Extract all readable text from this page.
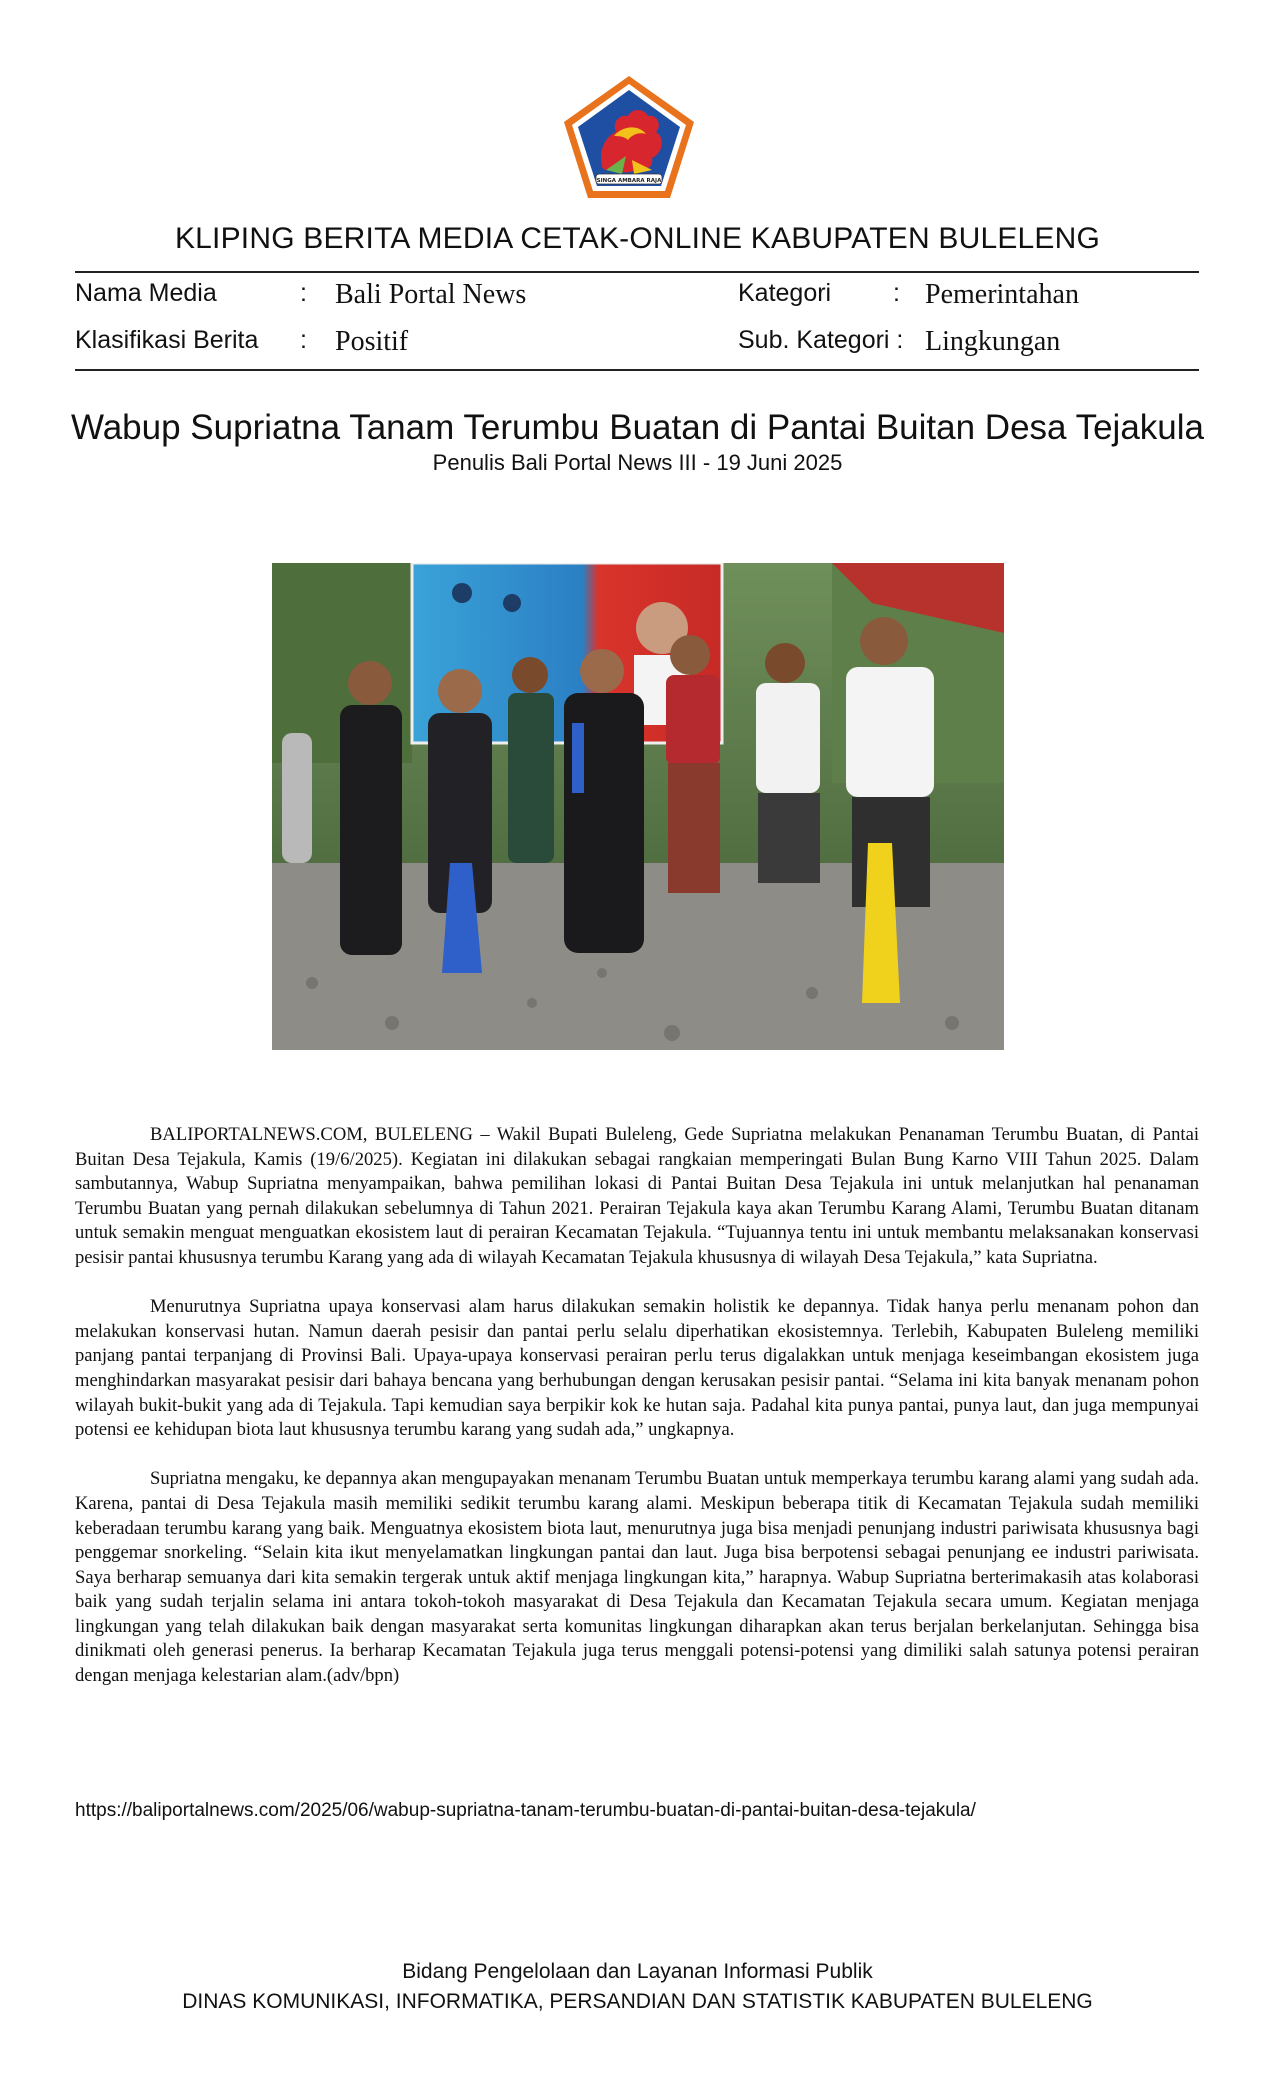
SINGA AMBARA RAJA
KLIPING BERITA MEDIA CETAK-ONLINE KABUPATEN BULELENG
Nama Media	: Bali Portal News	Kategori : Pemerintahan
Klasifikasi Berita : Positif	Sub. Kategori : Lingkungan
Wabup Supriatna Tanam Terumbu Buatan di Pantai Buitan Desa Tejakula
Penulis Bali Portal News III - 19 Juni 2025

BALIPORTALNEWS.COM, BULELENG – Wakil Bupati Buleleng, Gede Supriatna melakukan Penanaman Terumbu Buatan, di Pantai Buitan Desa Tejakula, Kamis (19/6/2025). Kegiatan ini dilakukan sebagai rangkaian memperingati Bulan Bung Karno VIII Tahun 2025. Dalam sambutannya, Wabup Supriatna menyampaikan, bahwa pemilihan lokasi di Pantai Buitan Desa Tejakula ini untuk melanjutkan hal penanaman Terumbu Buatan yang pernah dilakukan sebelumnya di Tahun 2021. Perairan Tejakula kaya akan Terumbu Karang Alami, Terumbu Buatan ditanam untuk semakin menguat menguatkan ekosistem laut di perairan Kecamatan Tejakula. “Tujuannya tentu ini untuk membantu melaksanakan konservasi pesisir pantai khususnya terumbu Karang yang ada di wilayah Kecamatan Tejakula khususnya di wilayah Desa Tejakula,” kata Supriatna.

Menurutnya Supriatna upaya konservasi alam harus dilakukan semakin holistik ke depannya. Tidak hanya perlu menanam pohon dan melakukan konservasi hutan. Namun daerah pesisir dan pantai perlu selalu diperhatikan ekosistemnya. Terlebih, Kabupaten Buleleng memiliki panjang pantai terpanjang di Provinsi Bali. Upaya-upaya konservasi perairan perlu terus digalakkan untuk menjaga keseimbangan ekosistem juga menghindarkan masyarakat pesisir dari bahaya bencana yang berhubungan dengan kerusakan pesisir pantai. “Selama ini kita banyak menanam pohon wilayah bukit-bukit yang ada di Tejakula. Tapi kemudian saya berpikir kok ke hutan saja. Padahal kita punya pantai, punya laut, dan juga mempunyai potensi ee kehidupan biota laut khususnya terumbu karang yang sudah ada,” ungkapnya.

Supriatna mengaku, ke depannya akan mengupayakan menanam Terumbu Buatan untuk memperkaya terumbu karang alami yang sudah ada. Karena, pantai di Desa Tejakula masih memiliki sedikit terumbu karang alami. Meskipun beberapa titik di Kecamatan Tejakula sudah memiliki keberadaan terumbu karang yang baik. Menguatnya ekosistem biota laut, menurutnya juga bisa menjadi penunjang industri pariwisata khususnya bagi penggemar snorkeling. “Selain kita ikut menyelamatkan lingkungan pantai dan laut. Juga bisa berpotensi sebagai penunjang ee industri pariwisata. Saya berharap semuanya dari kita semakin tergerak untuk aktif menjaga lingkungan kita,” harapnya. Wabup Supriatna berterimakasih atas kolaborasi baik yang sudah terjalin selama ini antara tokoh-tokoh masyarakat di Desa Tejakula dan Kecamatan Tejakula secara umum. Kegiatan menjaga lingkungan yang telah dilakukan baik dengan masyarakat serta komunitas lingkungan diharapkan akan terus berjalan berkelanjutan. Sehingga bisa dinikmati oleh generasi penerus. Ia berharap Kecamatan Tejakula juga terus menggali potensi-potensi yang dimiliki salah satunya potensi perairan dengan menjaga kelestarian alam.(adv/bpn)

https://baliportalnews.com/2025/06/wabup-supriatna-tanam-terumbu-buatan-di-pantai-buitan-desa-tejakula/
Bidang Pengelolaan dan Layanan Informasi Publik
DINAS KOMUNIKASI, INFORMATIKA, PERSANDIAN DAN STATISTIK KABUPATEN BULELENG
